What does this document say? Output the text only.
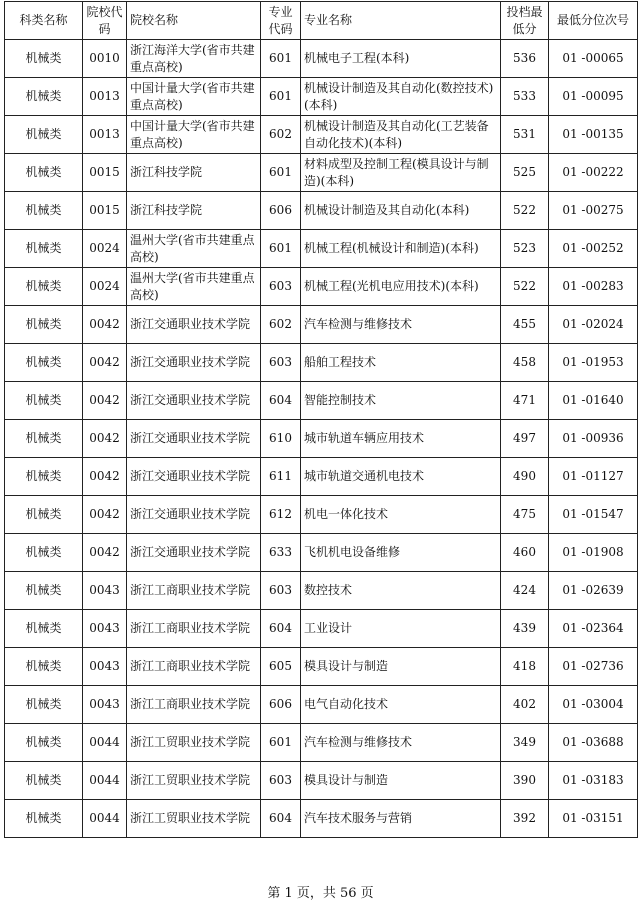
科类名称	院校代码	院校名称	专业代码	专业名称	投档最低分	最低分位次号
机械类	0010	浙江海洋大学(省市共建重点高校)	601	机械电子工程(本科)	536	01 -00065
机械类	0013	中国计量大学(省市共建重点高校)	601	机械设计制造及其自动化(数控技术)(本科)	533	01 -00095
机械类	0013	中国计量大学(省市共建重点高校)	602	机械设计制造及其自动化(工艺装备自动化技术)(本科)	531	01 -00135
机械类	0015	浙江科技学院	601	材料成型及控制工程(模具设计与制造)(本科)	525	01 -00222
机械类	0015	浙江科技学院	606	机械设计制造及其自动化(本科)	522	01 -00275
机械类	0024	温州大学(省市共建重点高校)	601	机械工程(机械设计和制造)(本科)	523	01 -00252
机械类	0024	温州大学(省市共建重点高校)	603	机械工程(光机电应用技术)(本科)	522	01 -00283
机械类	0042	浙江交通职业技术学院	602	汽车检测与维修技术	455	01 -02024
机械类	0042	浙江交通职业技术学院	603	船舶工程技术	458	01 -01953
机械类	0042	浙江交通职业技术学院	604	智能控制技术	471	01 -01640
机械类	0042	浙江交通职业技术学院	610	城市轨道车辆应用技术	497	01 -00936
机械类	0042	浙江交通职业技术学院	611	城市轨道交通机电技术	490	01 -01127
机械类	0042	浙江交通职业技术学院	612	机电一体化技术	475	01 -01547
机械类	0042	浙江交通职业技术学院	633	飞机机电设备维修	460	01 -01908
机械类	0043	浙江工商职业技术学院	603	数控技术	424	01 -02639
机械类	0043	浙江工商职业技术学院	604	工业设计	439	01 -02364
机械类	0043	浙江工商职业技术学院	605	模具设计与制造	418	01 -02736
机械类	0043	浙江工商职业技术学院	606	电气自动化技术	402	01 -03004
机械类	0044	浙江工贸职业技术学院	601	汽车检测与维修技术	349	01 -03688
机械类	0044	浙江工贸职业技术学院	603	模具设计与制造	390	01 -03183
机械类	0044	浙江工贸职业技术学院	604	汽车技术服务与营销	392	01 -03151
第 1 页，共 56 页
